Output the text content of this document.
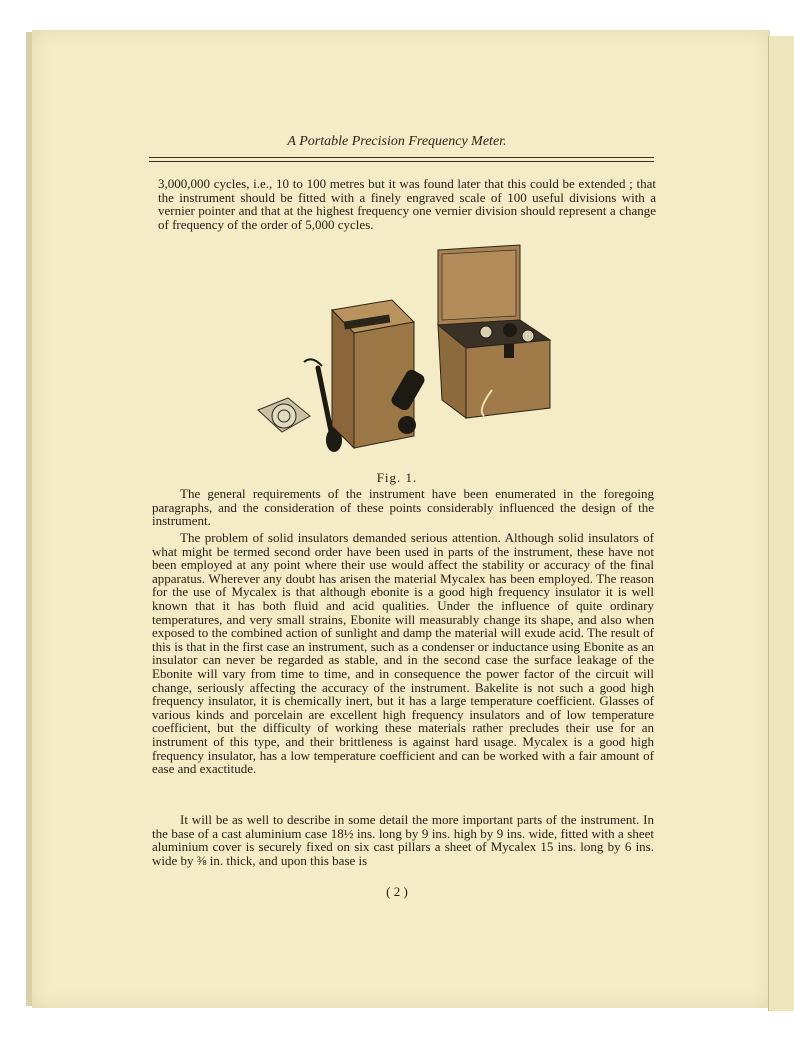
A Portable Precision Frequency Meter.

3,000,000 cycles, i.e., 10 to 100 metres but it was found later that this could be extended ; that the instrument should be fitted with a finely engraved scale of 100 useful divisions with a vernier pointer and that at the highest frequency one vernier division should represent a change of frequency of the order of 5,000 cycles.

Fig. 1.

The general requirements of the instrument have been enumerated in the foregoing paragraphs, and the consideration of these points considerably influenced the design of the instrument.

The problem of solid insulators demanded serious attention. Although solid insulators of what might be termed second order have been used in parts of the instrument, these have not been employed at any point where their use would affect the stability or accuracy of the final apparatus. Wherever any doubt has arisen the material Mycalex has been employed. The reason for the use of Mycalex is that although ebonite is a good high frequency insulator it is well known that it has both fluid and acid qualities. Under the influence of quite ordinary temperatures, and very small strains, Ebonite will measurably change its shape, and also when exposed to the combined action of sunlight and damp the material will exude acid. The result of this is that in the first case an instrument, such as a condenser or inductance using Ebonite as an insulator can never be regarded as stable, and in the second case the surface leakage of the Ebonite will vary from time to time, and in consequence the power factor of the circuit will change, seriously affecting the accuracy of the instrument. Bakelite is not such a good high frequency insulator, it is chemically inert, but it has a large temperature coefficient. Glasses of various kinds and porcelain are excellent high frequency insulators and of low temperature coefficient, but the difficulty of working these materials rather precludes their use for an instrument of this type, and their brittleness is against hard usage. Mycalex is a good high frequency insulator, has a low temperature coefficient and can be worked with a fair amount of ease and exactitude.

It will be as well to describe in some detail the more important parts of the instrument. In the base of a cast aluminium case 18½ ins. long by 9 ins. high by 9 ins. wide, fitted with a sheet aluminium cover is securely fixed on six cast pillars a sheet of Mycalex 15 ins. long by 6 ins. wide by ⅜ in. thick, and upon this base is

( 2 )
